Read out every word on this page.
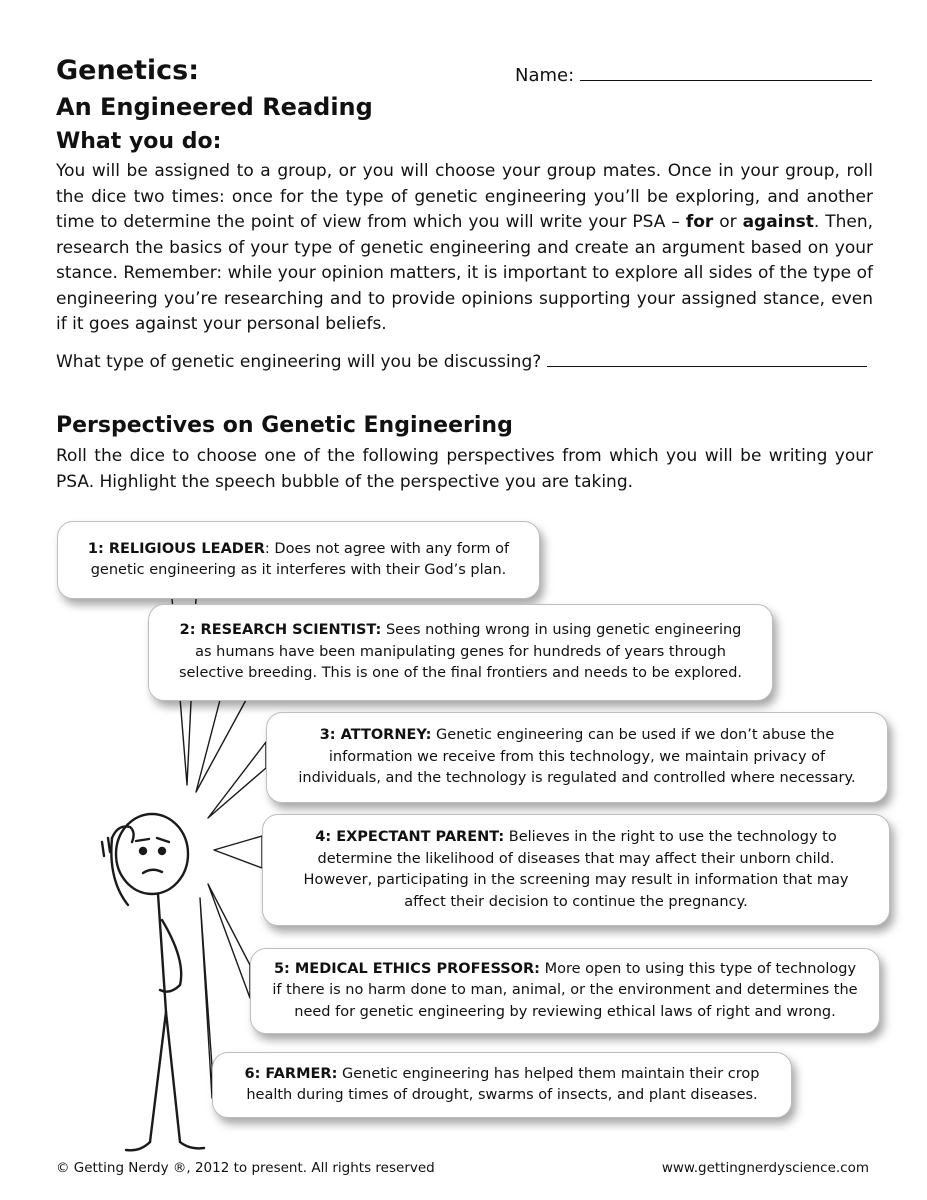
Genetics:
An Engineered Reading
Name:
What you do:
You will be assigned to a group, or you will choose your group mates. Once in your group, roll the dice two times: once for the type of genetic engineering you’ll be exploring, and another time to determine the point of view from which you will write your PSA – for or against. Then, research the basics of your type of genetic engineering and create an argument based on your stance. Remember: while your opinion matters, it is important to explore all sides of the type of engineering you’re researching and to provide opinions supporting your assigned stance, even if it goes against your personal beliefs.
What type of genetic engineering will you be discussing?
Perspectives on Genetic Engineering
Roll the dice to choose one of the following perspectives from which you will be writing your PSA. Highlight the speech bubble of the perspective you are taking.
1: RELIGIOUS LEADER: Does not agree with any form of genetic engineering as it interferes with their God’s plan.
2: RESEARCH SCIENTIST: Sees nothing wrong in using genetic engineering as humans have been manipulating genes for hundreds of years through selective breeding. This is one of the final frontiers and needs to be explored.
3: ATTORNEY: Genetic engineering can be used if we don’t abuse the information we receive from this technology, we maintain privacy of individuals, and the technology is regulated and controlled where necessary.
4: EXPECTANT PARENT: Believes in the right to use the technology to determine the likelihood of diseases that may affect their unborn child. However, participating in the screening may result in information that may affect their decision to continue the pregnancy.
5: MEDICAL ETHICS PROFESSOR: More open to using this type of technology if there is no harm done to man, animal, or the environment and determines the need for genetic engineering by reviewing ethical laws of right and wrong.
6: FARMER: Genetic engineering has helped them maintain their crop health during times of drought, swarms of insects, and plant diseases.
© Getting Nerdy ®, 2012 to present. All rights reserved	www.gettingnerdyscience.com
